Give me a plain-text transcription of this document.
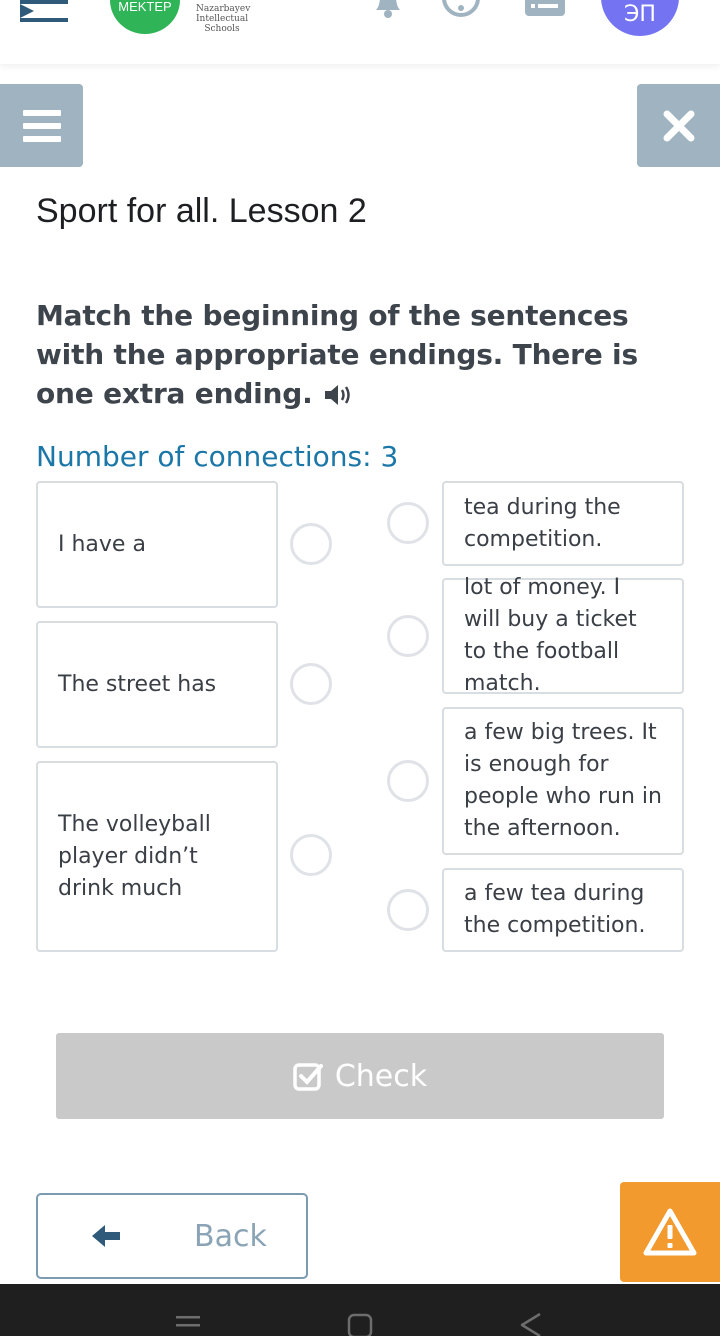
MEKTEP	Nazarbayev Intellectual Schools
ЭП
Sport for all. Lesson 2
Match the beginning of the sentences with the appropriate endings. There is one extra ending.
Number of connections: 3
I have a
The street has
The volleyball player didn’t drink much
tea during the competition.
lot of money. I will buy a ticket to the football match.
a few big trees. It is enough for people who run in the afternoon.
a few tea during the competition.
Check
Back
